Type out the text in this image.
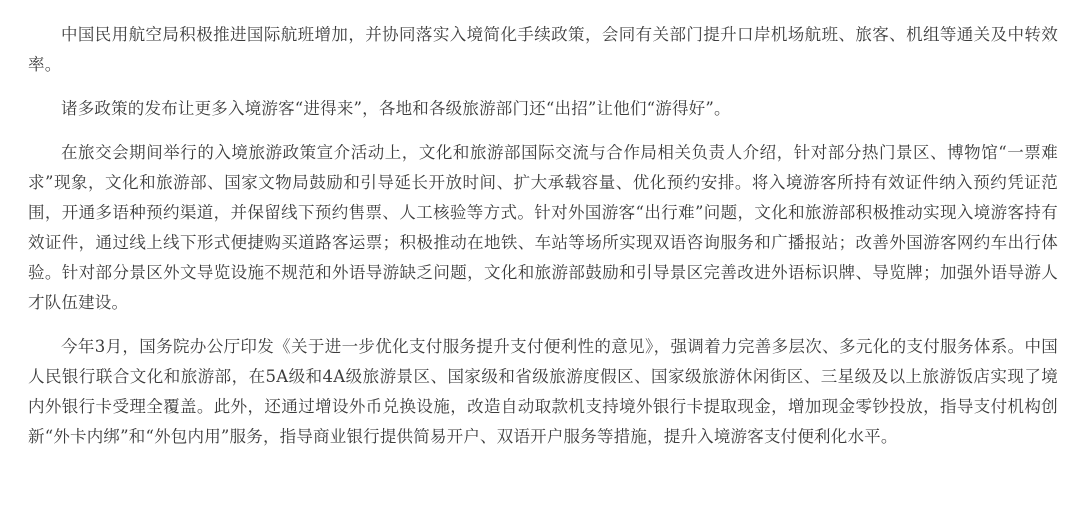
中国民用航空局积极推进国际航班增加，并协同落实入境简化手续政策，会同有关部门提升口岸机场航班、旅客、机组等通关及中转效率。

诸多政策的发布让更多入境游客“进得来”，各地和各级旅游部门还“出招”让他们“游得好”。

在旅交会期间举行的入境旅游政策宣介活动上，文化和旅游部国际交流与合作局相关负责人介绍，针对部分热门景区、博物馆“一票难求”现象，文化和旅游部、国家文物局鼓励和引导延长开放时间、扩大承载容量、优化预约安排。将入境游客所持有效证件纳入预约凭证范围，开通多语种预约渠道，并保留线下预约售票、人工核验等方式。针对外国游客“出行难”问题，文化和旅游部积极推动实现入境游客持有效证件，通过线上线下形式便捷购买道路客运票；积极推动在地铁、车站等场所实现双语咨询服务和广播报站；改善外国游客网约车出行体验。针对部分景区外文导览设施不规范和外语导游缺乏问题，文化和旅游部鼓励和引导景区完善改进外语标识牌、导览牌；加强外语导游人才队伍建设。

今年3月，国务院办公厅印发《关于进一步优化支付服务提升支付便利性的意见》，强调着力完善多层次、多元化的支付服务体系。中国人民银行联合文化和旅游部，在5A级和4A级旅游景区、国家级和省级旅游度假区、国家级旅游休闲街区、三星级及以上旅游饭店实现了境内外银行卡受理全覆盖。此外，还通过增设外币兑换设施，改造自动取款机支持境外银行卡提取现金，增加现金零钞投放，指导支付机构创新“外卡内绑”和“外包内用”服务，指导商业银行提供简易开户、双语开户服务等措施，提升入境游客支付便利化水平。
